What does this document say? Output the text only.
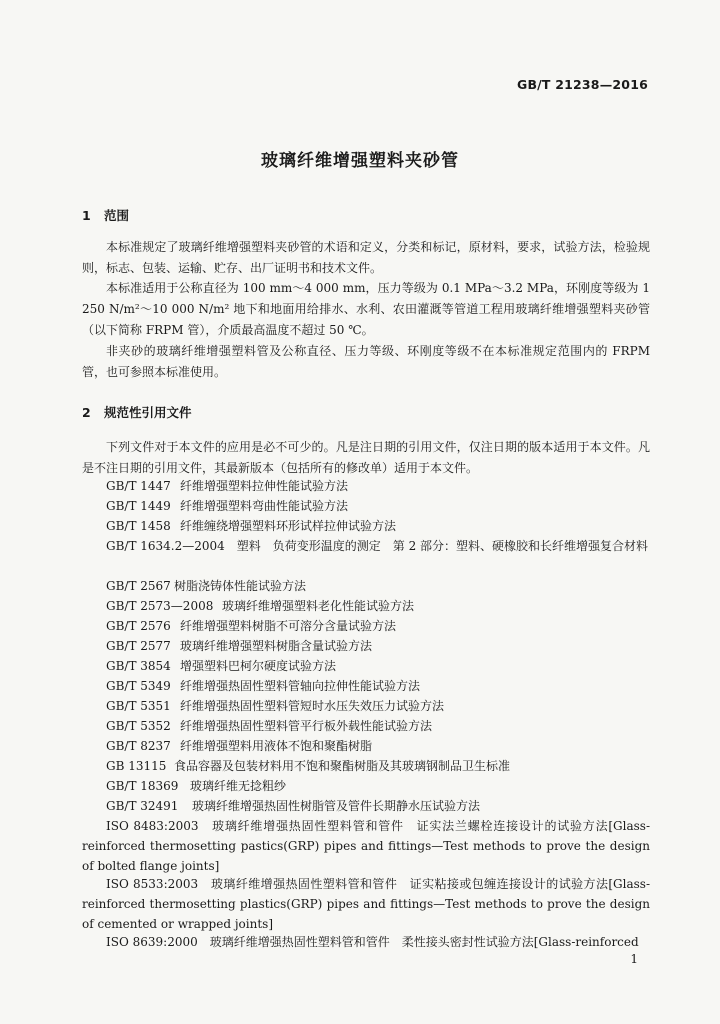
GB/T 21238—2016
玻璃纤维增强塑料夹砂管
1 范围
本标准规定了玻璃纤维增强塑料夹砂管的术语和定义，分类和标记，原材料，要求，试验方法，检验规则，标志、包装、运输、贮存、出厂证明书和技术文件。
本标准适用于公称直径为 100 mm～4 000 mm，压力等级为 0.1 MPa～3.2 MPa，环刚度等级为 1 250 N/m²～10 000 N/m² 地下和地面用给排水、水利、农田灌溉等管道工程用玻璃纤维增强塑料夹砂管（以下简称 FRPM 管），介质最高温度不超过 50 ℃。
非夹砂的玻璃纤维增强塑料管及公称直径、压力等级、环刚度等级不在本标准规定范围内的 FRPM 管，也可参照本标准使用。
2 规范性引用文件
下列文件对于本文件的应用是必不可少的。凡是注日期的引用文件，仅注日期的版本适用于本文件。凡是不注日期的引用文件，其最新版本（包括所有的修改单）适用于本文件。
GB/T 1447 纤维增强塑料拉伸性能试验方法
GB/T 1449 纤维增强塑料弯曲性能试验方法
GB/T 1458 纤维缠绕增强塑料环形试样拉伸试验方法
GB/T 1634.2—2004　塑料　负荷变形温度的测定　第 2 部分：塑料、硬橡胶和长纤维增强复合材料
GB/T 2567 树脂浇铸体性能试验方法
GB/T 2573—2008 玻璃纤维增强塑料老化性能试验方法
GB/T 2576 纤维增强塑料树脂不可溶分含量试验方法
GB/T 2577 玻璃纤维增强塑料树脂含量试验方法
GB/T 3854 增强塑料巴柯尔硬度试验方法
GB/T 5349 纤维增强热固性塑料管轴向拉伸性能试验方法
GB/T 5351 纤维增强热固性塑料管短时水压失效压力试验方法
GB/T 5352 纤维增强热固性塑料管平行板外载性能试验方法
GB/T 8237 纤维增强塑料用液体不饱和聚酯树脂
GB 13115 食品容器及包装材料用不饱和聚酯树脂及其玻璃钢制品卫生标准
GB/T 18369 玻璃纤维无捻粗纱
GB/T 32491 玻璃纤维增强热固性树脂管及管件长期静水压试验方法
ISO 8483:2003　玻璃纤维增强热固性塑料管和管件　证实法兰螺栓连接设计的试验方法[Glass-reinforced thermosetting pastics(GRP) pipes and fittings—Test methods to prove the design of bolted flange joints]
ISO 8533:2003　玻璃纤维增强热固性塑料管和管件　证实粘接或包缠连接设计的试验方法[Glass-reinforced thermosetting plastics(GRP) pipes and fittings—Test methods to prove the design of cemented or wrapped joints]
ISO 8639:2000　玻璃纤维增强热固性塑料管和管件　柔性接头密封性试验方法[Glass-reinforced
1
